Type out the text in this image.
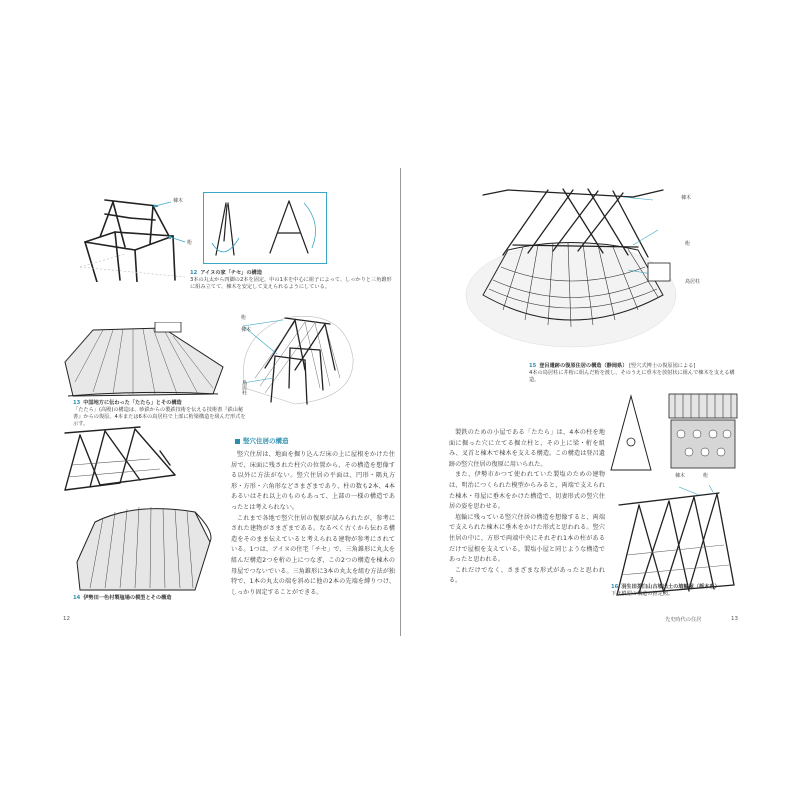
棟木
桁
12 アイヌの家「チセ」の構造
3本の丸太から四脚の2本を固定。中の1本を中心に組子によって、しっかりと三角錐形に組み立てて、棟木を安定して支えられるようにしている。
桁
棟木
鳥居柱
13 中国地方に伝わった「たたら」とその構造
「たたら」(高殿)の構造は、砂鉄からの製鉄技術を伝える技術書『鉄山秘書』からの復原。4本または6本の鳥居柱で上部に桁梁構造を組んだ形式を示す。
14 伊勢田一色村製塩場の模型とその構造
竪穴住居の構造

竪穴住居は、地面を掘り込んだ床の上に屋根をかけた住居で、床面に残された柱穴の位置から、その構造を想像する以外に方法がない。竪穴住居の平面は、円形・隅丸方形・方形・六角形などさまざまであり、柱の数も2本、4本あるいはそれ以上のものもあって、上部の一様の構造であったとは考えられない。

これまで各地で竪穴住居の復原が試みられたが、参考にされた建物がさまざまである。なるべく古くから伝わる構造をそのまま伝えていると考えられる建物が参考にされている。1つは、アイヌの住宅「チセ」で、三角錐形に丸太を組んだ構造2つを桁の上につなぎ、この2つの構造を棟木の母屋でつないでいる。三角錐形に3本の丸太を組む方法が独特で、1本の丸太の端を斜めに他の2本の先端を縛りつけ、しっかり固定することができる。

12
棟木
桁
鳥居柱
15 登呂遺跡の復原住居の構造（静岡県） [竪穴式博士の復原図による]
4本の鳥居柱に井桁に組んだ桁を渡し、そのうえに垂木を放射状に組んで棟木を支える構造。

製鉄のための小屋である「たたら」は、4本の柱を地面に掘った穴に立てる掘立柱と、その上に梁・桁を組み、叉首と棟木で棟木を支える構造。この構造は登呂遺跡の竪穴住居の復原に用いられた。

また、伊勢市かつて使われていた製塩のための建物は、明治につくられた模型からみると、両端で支えられた棟木・母屋に垂木をかけた構造で、切妻形式の竪穴住居の姿を思わせる。

埴輪に残っている竪穴住居の構造を想像すると、両端で支えられた棟木に垂木をかけた形式と思われる。竪穴住居の中に、方形で両端中央にそれぞれ1本の柱があるだけで屋根を支えている。製塩小屋と同じような構造であったと思われる。

これだけでなく、さまざまな形式があったと思われる。

棟木	桁
16 羽生田茶臼山古墳出土の埴輪屋（栃木県）
下は模型の構造の推定図。
先史時代の住居	13
